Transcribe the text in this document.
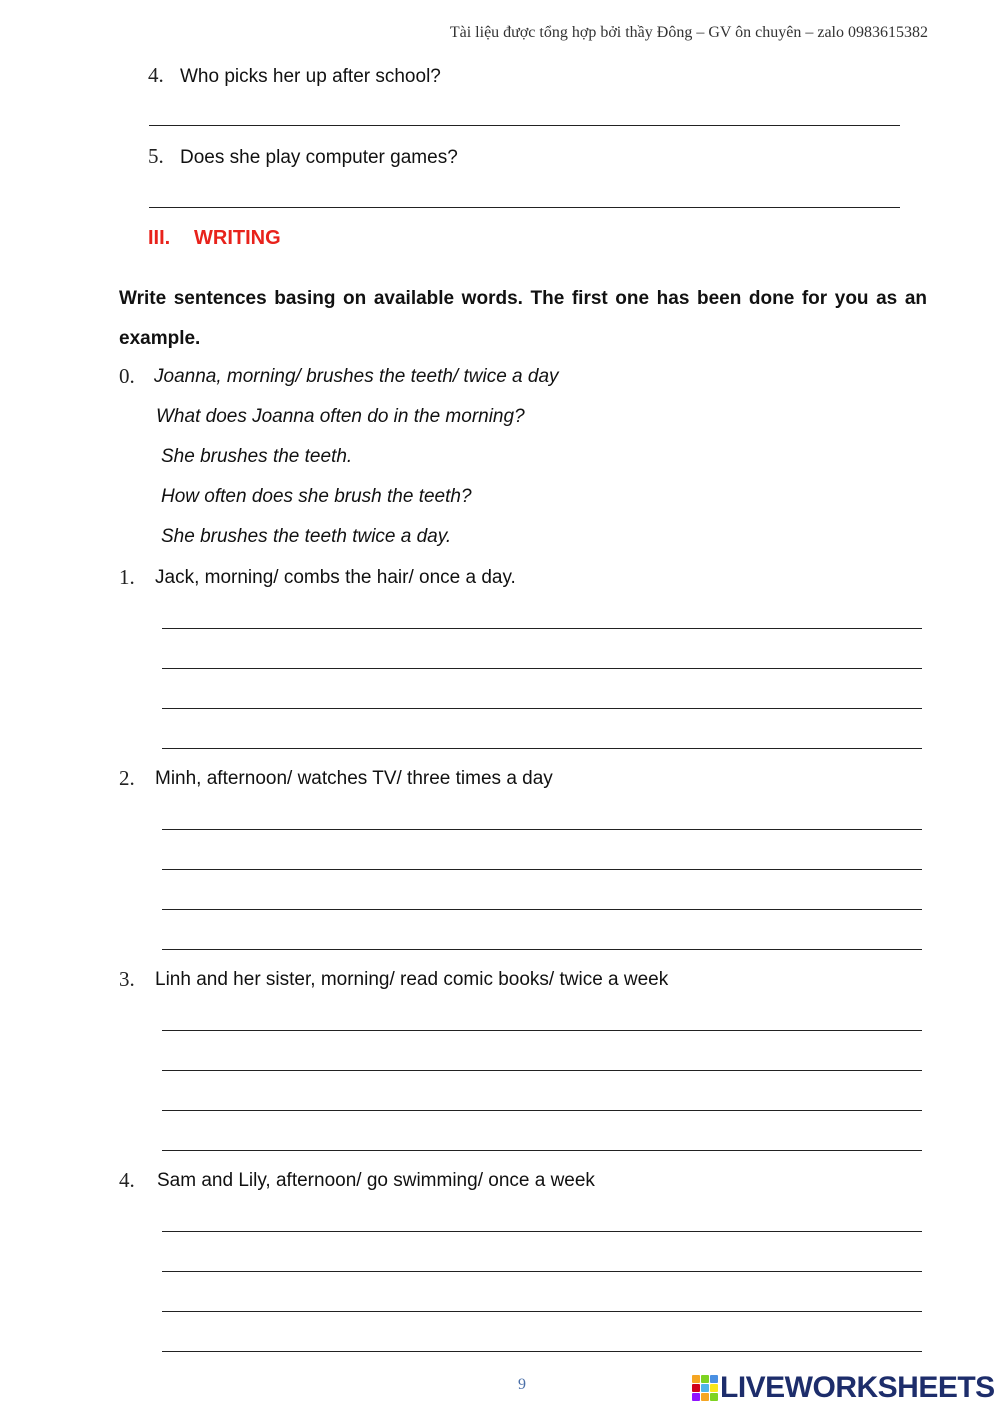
Tài liệu được tổng hợp bởi thầy Đông – GV ôn chuyên – zalo 0983615382
4. Who picks her up after school?
5. Does she play computer games?
III. WRITING
Write sentences basing on available words. The first one has been done for you as an example.
0. Joanna, morning/ brushes the teeth/ twice a day
What does Joanna often do in the morning?
She brushes the teeth.
How often does she brush the teeth?
She brushes the teeth twice a day.
1. Jack, morning/ combs the hair/ once a day.
2. Minh, afternoon/ watches TV/ three times a day
3. Linh and her sister, morning/ read comic books/ twice a week
4. Sam and Lily, afternoon/ go swimming/ once a week
9	LIVEWORKSHEETS
